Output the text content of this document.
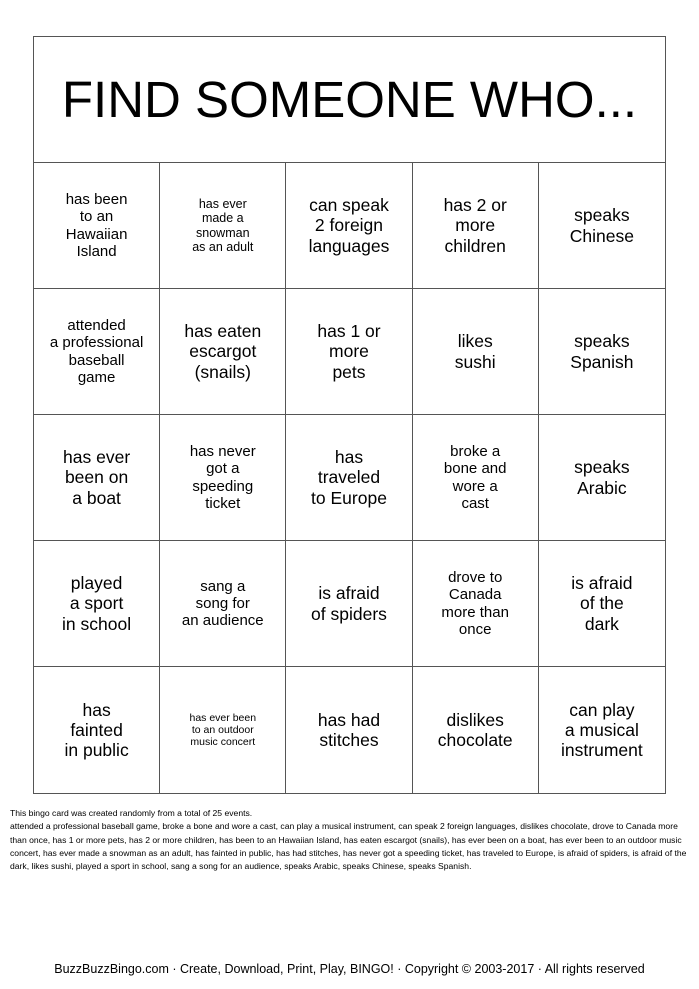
FIND SOMEONE WHO...
has been
to an
Hawaiian
Island
has ever
made a
snowman
as an adult
can speak
2 foreign
languages
has 2 or
more
children
speaks
Chinese
attended
a professional
baseball
game
has eaten
escargot
(snails)
has 1 or
more
pets
likes
sushi
speaks
Spanish
has ever
been on
a boat
has never
got a
speeding
ticket
has
traveled
to Europe
broke a
bone and
wore a
cast
speaks
Arabic
played
a sport
in school
sang a
song for
an audience
is afraid
of spiders
drove to
Canada
more than
once
is afraid
of the
dark
has
fainted
in public
has ever been
to an outdoor
music concert
has had
stitches
dislikes
chocolate
can play
a musical
instrument
This bingo card was created randomly from a total of 25 events.
attended a professional baseball game, broke a bone and wore a cast, can play a musical instrument, can speak 2 foreign languages, dislikes chocolate, drove to Canada more than once, has 1 or more pets, has 2 or more children, has been to an Hawaiian Island, has eaten escargot (snails), has ever been on a boat, has ever been to an outdoor music concert, has ever made a snowman as an adult, has fainted in public, has had stitches, has never got a speeding ticket, has traveled to Europe, is afraid of spiders, is afraid of the dark, likes sushi, played a sport in school, sang a song for an audience, speaks Arabic, speaks Chinese, speaks Spanish.
BuzzBuzzBingo.com · Create, Download, Print, Play, BINGO! · Copyright © 2003-2017 · All rights reserved
